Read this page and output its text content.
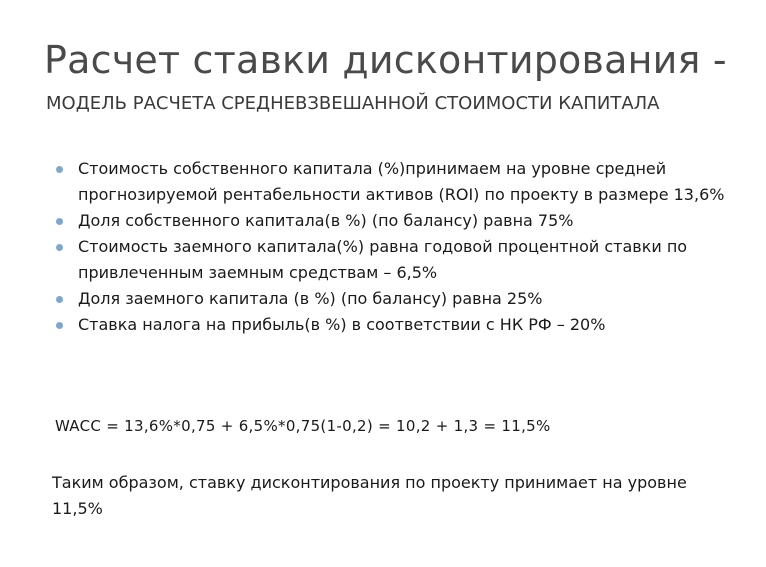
Расчет ставки дисконтирования -
МОДЕЛЬ РАСЧЕТА СРЕДНЕВЗВЕШАННОЙ СТОИМОСТИ КАПИТАЛА
Стоимость собственного капитала (%)принимаем на уровне средней прогнозируемой рентабельности активов (ROI) по проекту в размере 13,6%
Доля собственного капитала(в %) (по балансу) равна 75%
Стоимость заемного капитала(%) равна годовой процентной ставки по привлеченным заемным средствам – 6,5%
Доля заемного капитала (в %) (по балансу) равна 25%
Ставка налога на прибыль(в %) в соответствии с НК РФ – 20%
WACC = 13,6%*0,75 + 6,5%*0,75(1-0,2) = 10,2 + 1,3 = 11,5%
Таким образом, ставку дисконтирования по проекту принимает на уровне 11,5%
